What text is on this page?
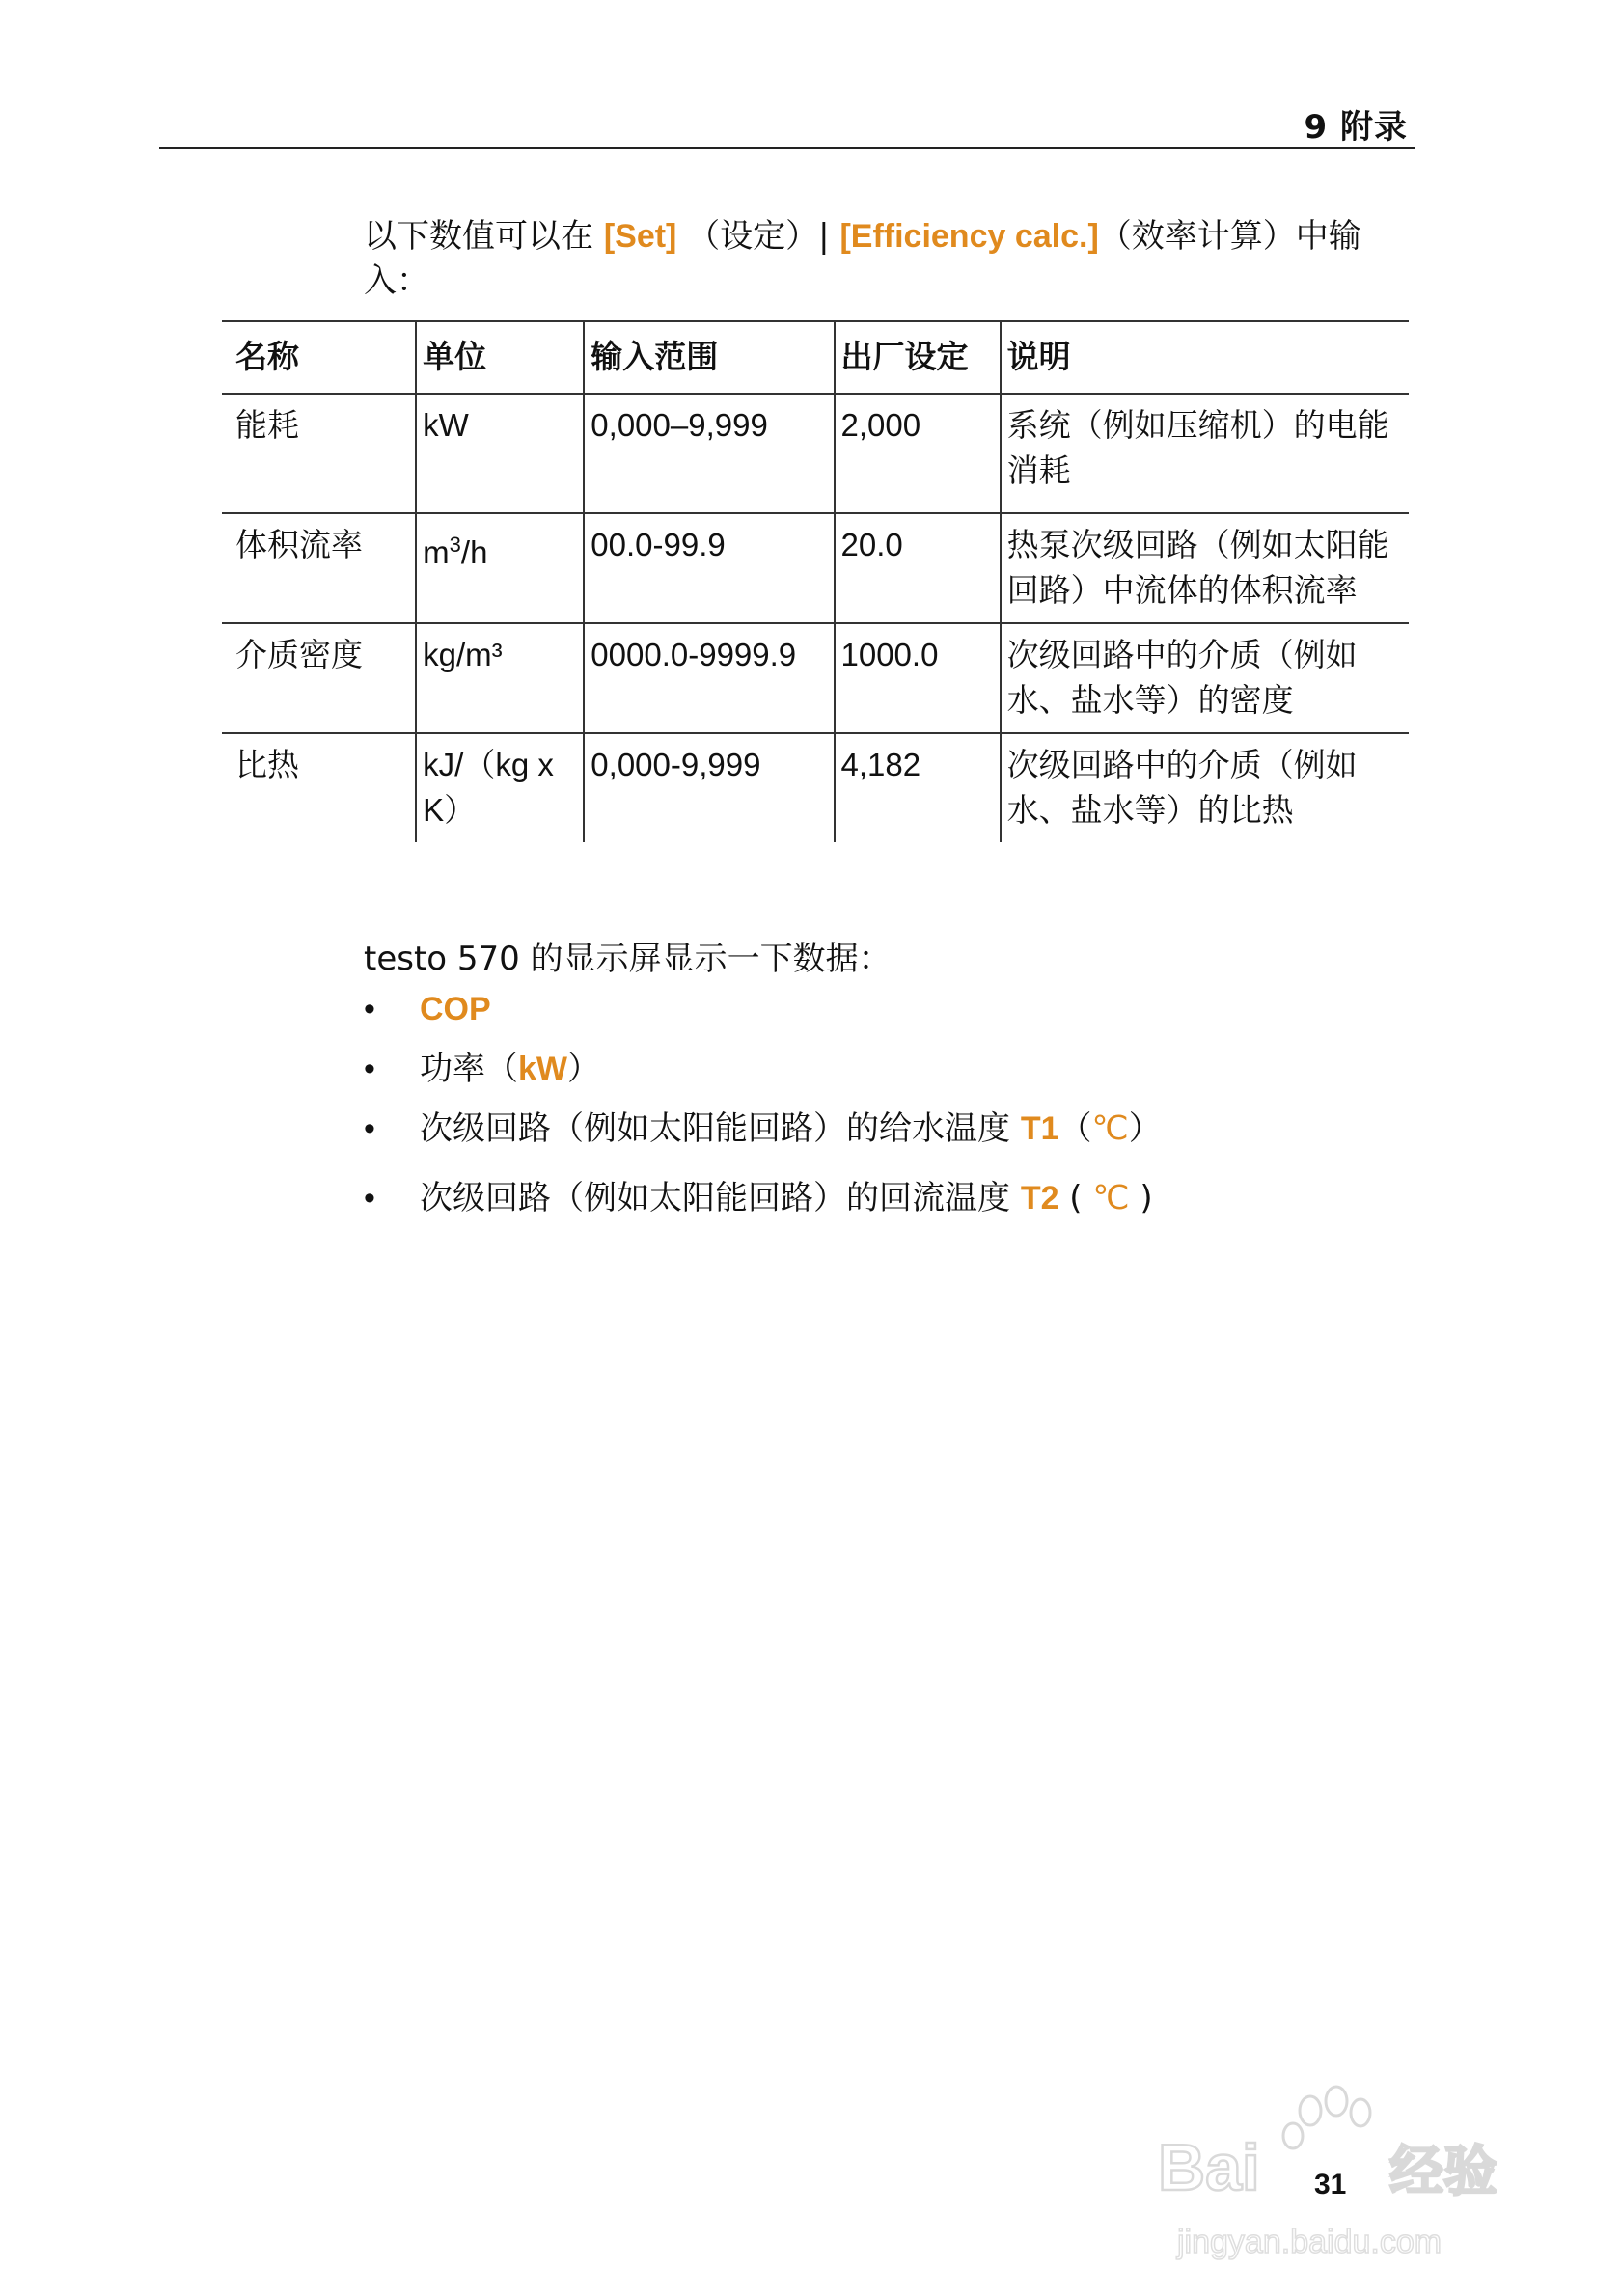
9 附录
以下数值可以在 [Set] （设定）| [Efficiency calc.]（效率计算）中输入：
名称	单位	输入范围	出厂设定	说明
能耗	kW	0,000–9,999	2,000	系统（例如压缩机）的电能消耗
体积流率	$m^3/h$	00.0-99.9	20.0	热泵次级回路（例如太阳能回路）中流体的体积流率
介质密度	kg/m³	0000.0-9999.9	1000.0	次级回路中的介质（例如水、盐水等）的密度
比热	kJ/（kg x K）	0,000-9,999	4,182	次级回路中的介质（例如水、盐水等）的比热
testo 570 的显示屏显示一下数据：
• COP
• 功率（kW）
• 次级回路（例如太阳能回路）的给水温度 T1（℃）
• 次级回路（例如太阳能回路）的回流温度 T2 ( ℃ )
31
Bai 经验
jingyan.baidu.com
